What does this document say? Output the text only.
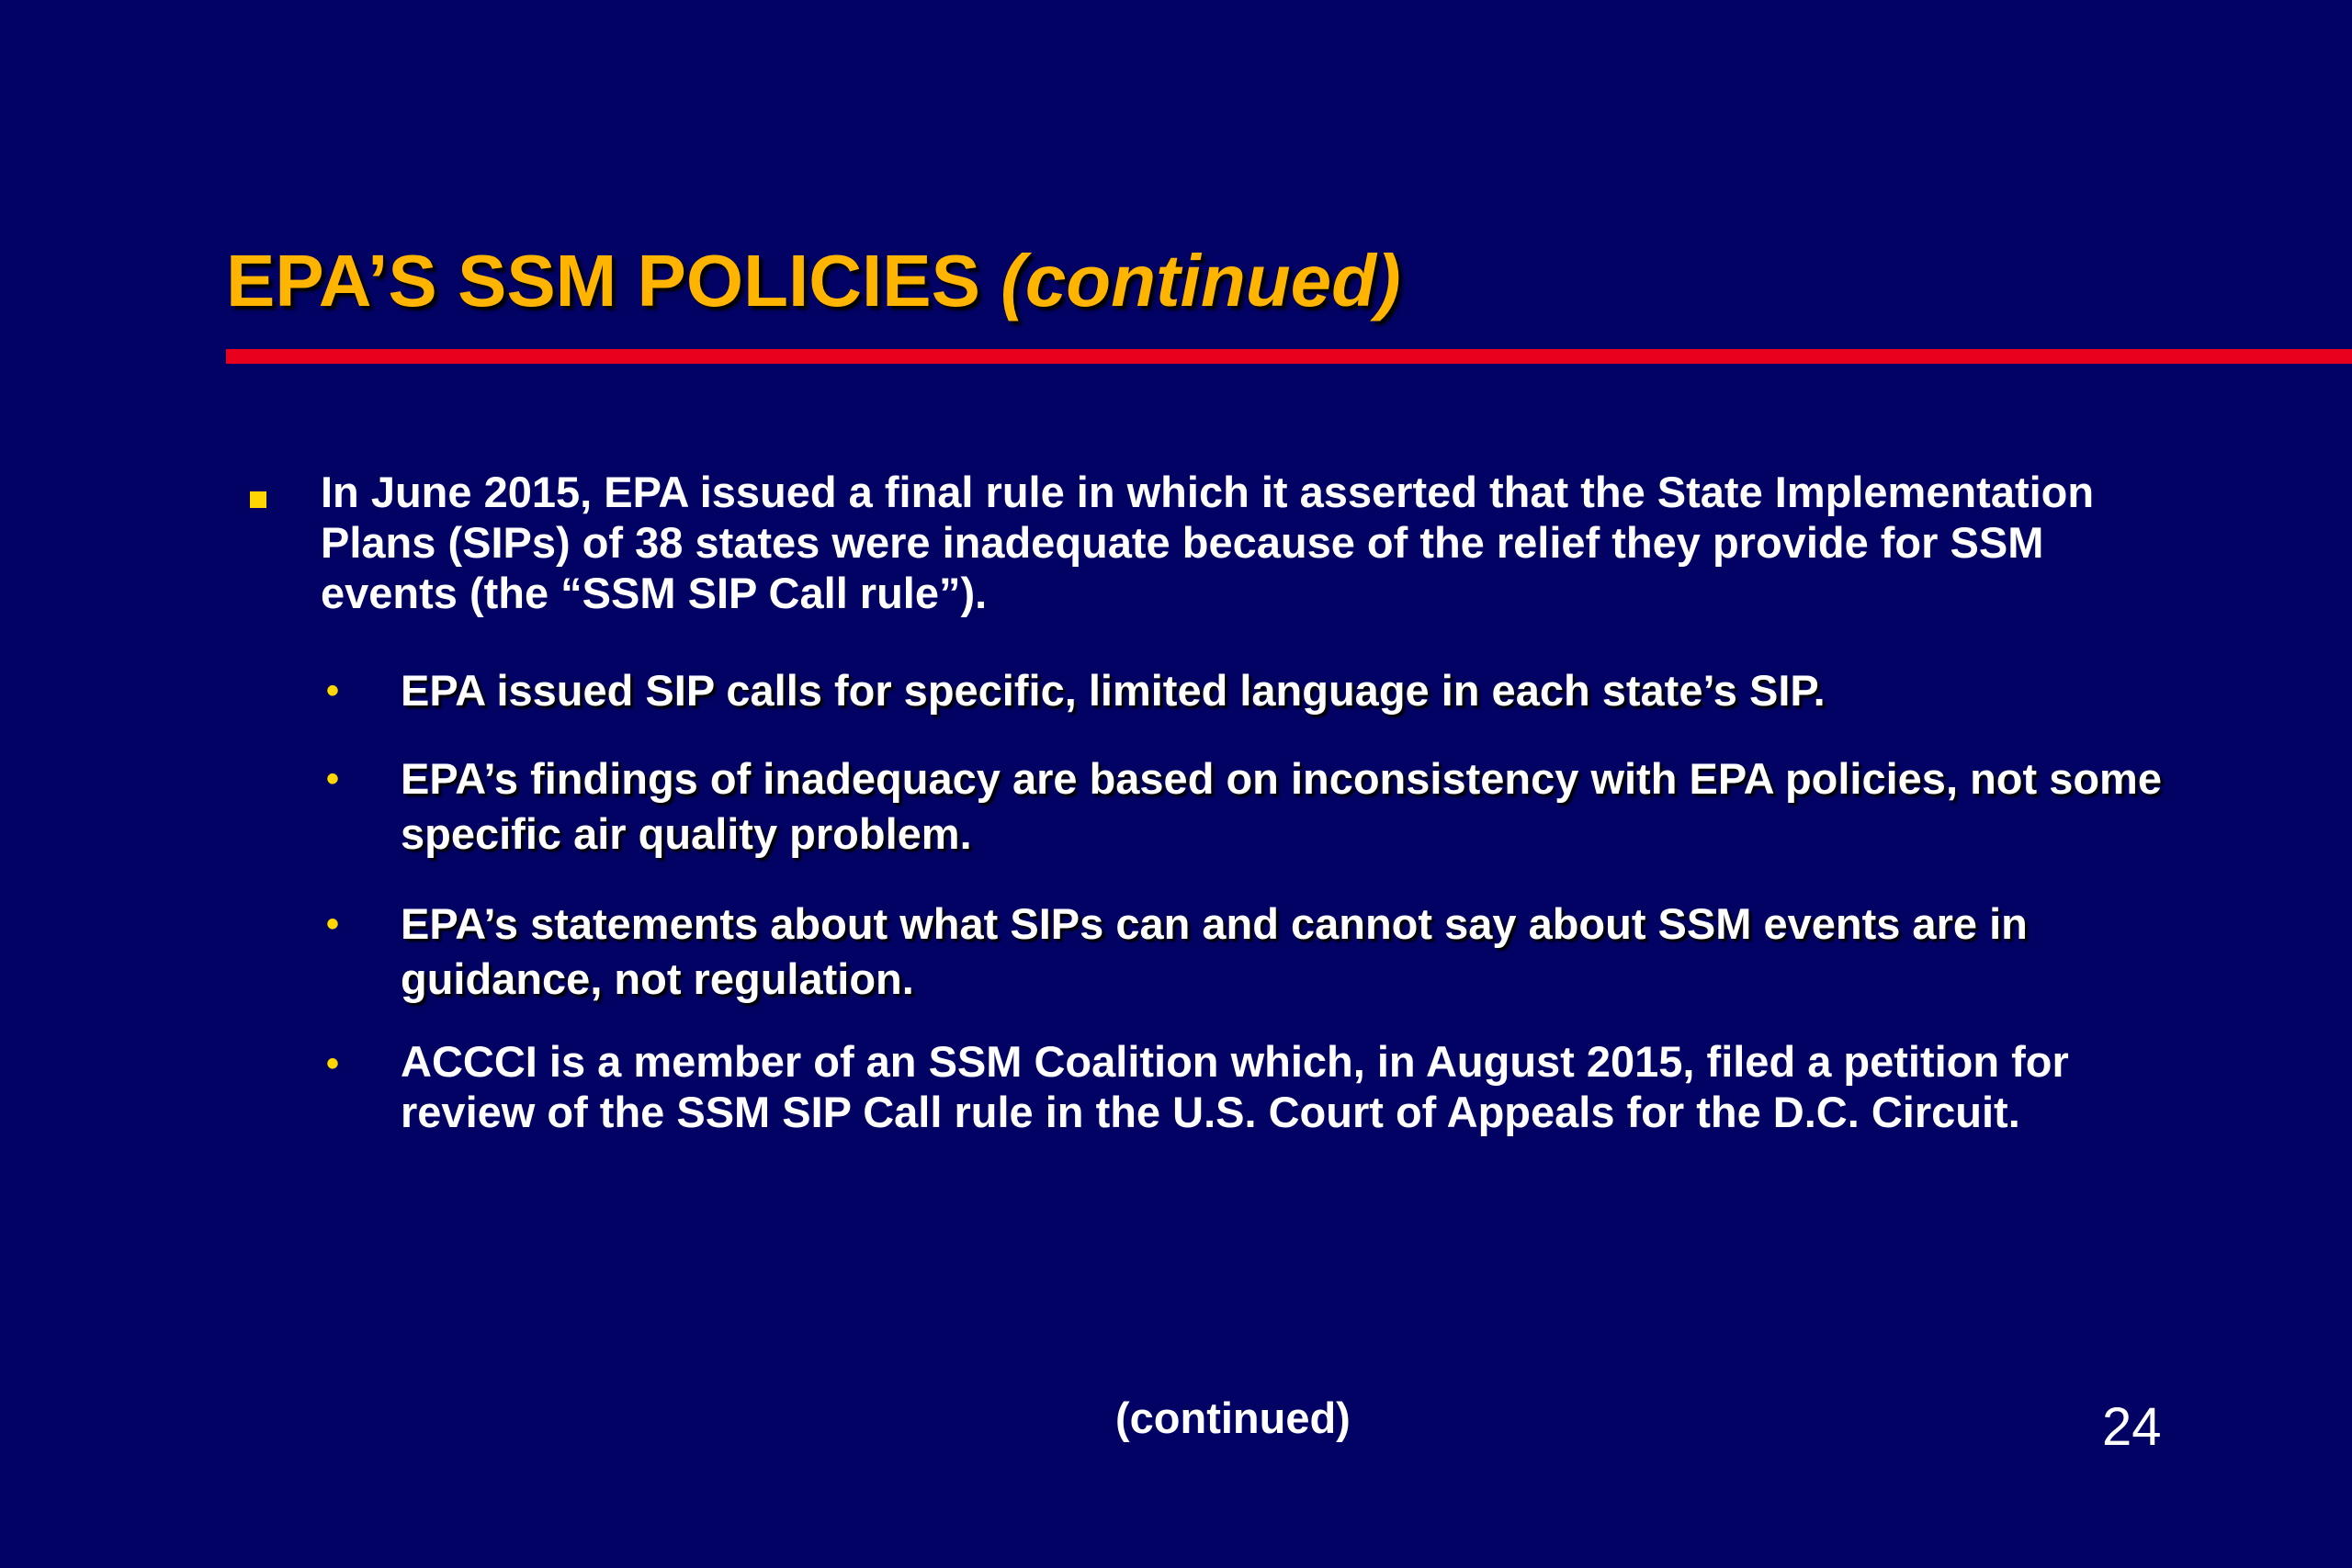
EPA’S SSM POLICIES (continued)

In June 2015, EPA issued a final rule in which it asserted that the State Implementation Plans (SIPs) of 38 states were inadequate because of the relief they provide for SSM events (the “SSM SIP Call rule”).

• EPA issued SIP calls for specific, limited language in each state’s SIP.

• EPA’s findings of inadequacy are based on inconsistency with EPA policies, not some specific air quality problem.

• EPA’s statements about what SIPs can and cannot say about SSM events are in guidance, not regulation.

• ACCCI is a member of an SSM Coalition which, in August 2015, filed a petition for review of the SSM SIP Call rule in the U.S. Court of Appeals for the D.C. Circuit.

(continued)	24
